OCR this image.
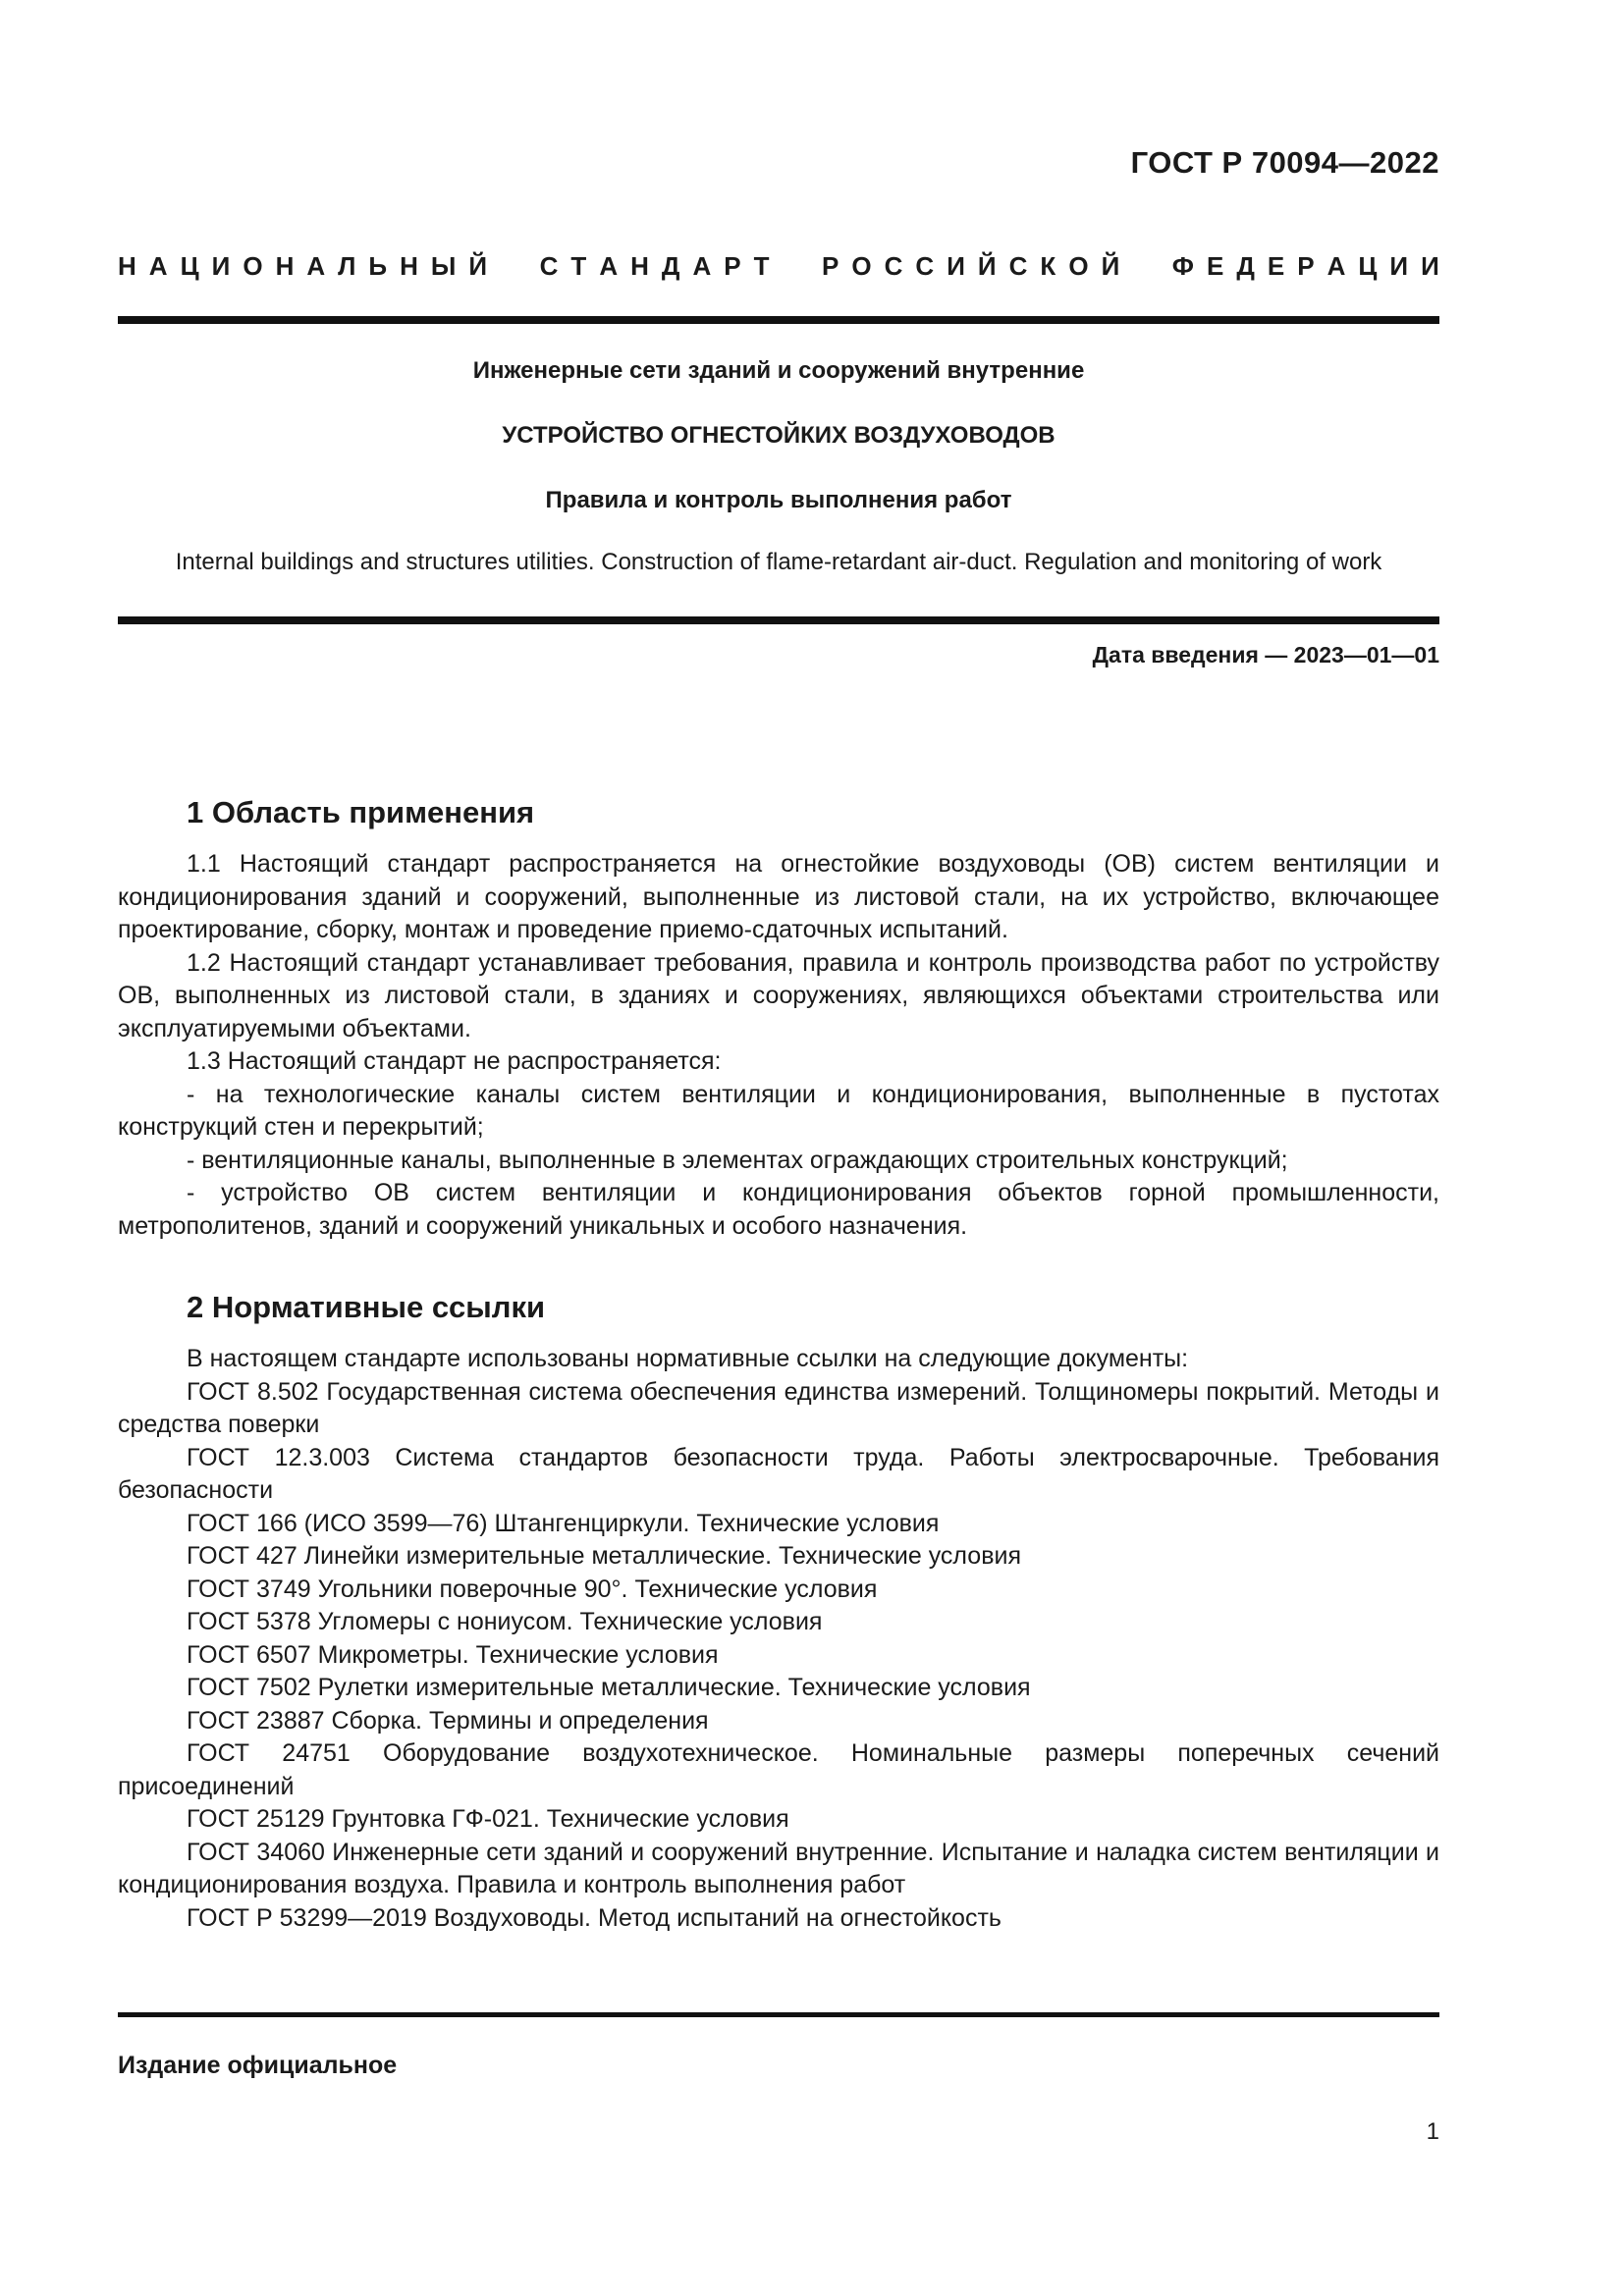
ГОСТ Р 70094—2022
Н А Ц И О Н А Л Ь Н Ы Й

С Т А Н Д А Р Т

Р О С С И Й С К О Й

Ф Е Д Е Р А Ц И И
Инженерные сети зданий и сооружений внутренние
УСТРОЙСТВО ОГНЕСТОЙКИХ ВОЗДУХОВОДОВ
Правила и контроль выполнения работ
Internal buildings and structures utilities. Construction of flame-retardant air-duct. Regulation and monitoring of work
Дата введения — 2023—01—01
1 Область применения

1.1 Настоящий стандарт распространяется на огнестойкие воздуховоды (ОВ) систем вентиляции и кондиционирования зданий и сооружений, выполненные из листовой стали, на их устройство, включающее проектирование, сборку, монтаж и проведение приемо-сдаточных испытаний.

1.2 Настоящий стандарт устанавливает требования, правила и контроль производства работ по устройству ОВ, выполненных из листовой стали, в зданиях и сооружениях, являющихся объектами строительства или эксплуатируемыми объектами.

1.3 Настоящий стандарт не распространяется:

- на технологические каналы систем вентиляции и кондиционирования, выполненные в пустотах конструкций стен и перекрытий;

- вентиляционные каналы, выполненные в элементах ограждающих строительных конструкций;

- устройство ОВ систем вентиляции и кондиционирования объектов горной промышленности, метрополитенов, зданий и сооружений уникальных и особого назначения.

2 Нормативные ссылки

В настоящем стандарте использованы нормативные ссылки на следующие документы:

ГОСТ 8.502 Государственная система обеспечения единства измерений. Толщиномеры покрытий. Методы и средства поверки

ГОСТ 12.3.003 Система стандартов безопасности труда. Работы электросварочные. Требования безопасности

ГОСТ 166 (ИСО 3599—76) Штангенциркули. Технические условия

ГОСТ 427 Линейки измерительные металлические. Технические условия

ГОСТ 3749 Угольники поверочные 90°. Технические условия

ГОСТ 5378 Угломеры с нониусом. Технические условия

ГОСТ 6507 Микрометры. Технические условия

ГОСТ 7502 Рулетки измерительные металлические. Технические условия

ГОСТ 23887 Сборка. Термины и определения

ГОСТ 24751 Оборудование воздухотехническое. Номинальные размеры поперечных сечений присоединений

ГОСТ 25129 Грунтовка ГФ-021. Технические условия

ГОСТ 34060 Инженерные сети зданий и сооружений внутренние. Испытание и наладка систем вентиляции и кондиционирования воздуха. Правила и контроль выполнения работ

ГОСТ Р 53299—2019 Воздуховоды. Метод испытаний на огнестойкость

Издание официальное
1
